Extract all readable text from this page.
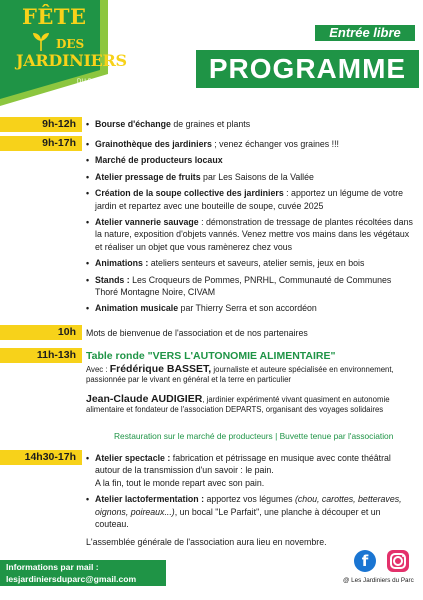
FÊTE
DES
JARDINIERS
DU PARC
Entrée libre
PROGRAMME
9h-12h	• Bourse d'échange de graines et plants
9h-17h	• Grainothèque des jardiniers ; venez échanger vos graines !!!
• Marché de producteurs locaux
• Atelier pressage de fruits par Les Saisons de la Vallée
• Création de la soupe collective des jardiniers : apportez un légume de votre jardin et repartez avec une bouteille de soupe, cuvée 2025
• Atelier vannerie sauvage : démonstration de tressage de plantes récoltées dans la nature, exposition d'objets vannés. Venez mettre vos mains dans les végétaux et réaliser un objet que vous ramènerez chez vous
• Animations : ateliers senteurs et saveurs, atelier semis, jeux en bois
• Stands : Les Croqueurs de Pommes, PNRHL, Communauté de Communes Thoré Montagne Noire, CIVAM
• Animation musicale par Thierry Serra et son accordéon
10h	Mots de bienvenue de l'association et de nos partenaires
11h-13h Table ronde "VERS L'AUTONOMIE ALIMENTAIRE"
Avec : Frédérique BASSET, journaliste et auteure spécialisée en environnement, passionnée par le vivant en général et la terre en particulier
Jean-Claude AUDIGIER, jardinier expérimenté vivant quasiment en autonomie alimentaire et fondateur de l'association DEPARTS, organisant des voyages solidaires
Restauration sur le marché de producteurs | Buvette tenue par l'association
14h30-17h	• Atelier spectacle : fabrication et pétrissage en musique avec conte théâtral autour de la transmission d'un savoir : le pain.
A la fin, tout le monde repart avec son pain.
• Atelier lactofermentation : apportez vos légumes (chou, carottes, betteraves, oignons, poireaux...), un bocal "Le Parfait", une planche à découper et un couteau.
L'assemblée générale de l'association aura lieu en novembre.
Informations par mail :
lesjardiniersduparc@gmail.com
f
@ Les Jardiniers du Parc
